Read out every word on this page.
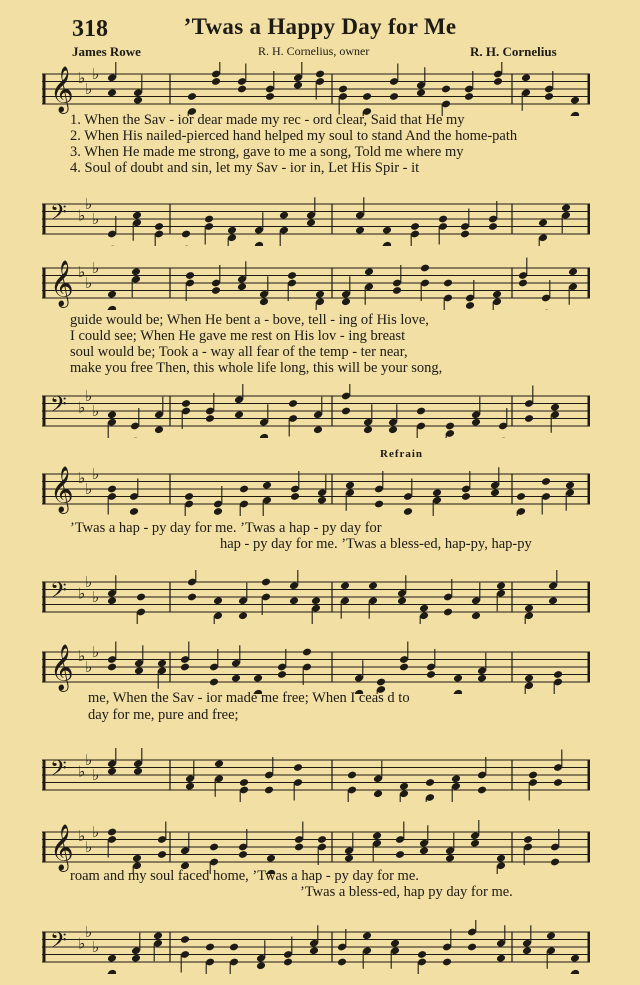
318	’Twas a Happy Day for Me
James Rowe	R. H. Cornelius, owner	R. H. Cornelius
𝄞 ♭
♭
♭
1. When the Sav - ior dear made my rec - ord clear, Said that He my
2. When His nailed-pierced hand helped my soul to stand And the home-path
3. When He made me strong, gave to me a song, Told me where my
4. Soul of doubt and sin, let my Sav - ior in, Let His Spir - it
𝄢 ♭
♭
♭
𝄞 ♭
♭
♭
guide would be; When He bent a - bove, tell - ing of His love,
I could see; When He gave me rest on His lov - ing breast
soul would be; Took a - way all fear of the temp - ter near,
make you free Then, this whole life long, this will be your song,
𝄢 ♭
♭
♭
Refrain
𝄞 ♭
♭
♭
’Twas a hap - py day for me. ’Twas a hap - py day for
hap - py day for me. ’Twas a bless-ed, hap-py, hap-py
𝄢 ♭
♭
♭
𝄞 ♭
♭
♭
me, When the Sav - ior made me free; When I ceas d to
day for me, pure and free;
𝄢 ♭
♭
♭
𝄞 ♭
♭
♭
roam and my soul faced home, ’Twas a hap - py day for me.
’Twas a bless-ed, hap py day for me.
𝄢 ♭
♭
♭
